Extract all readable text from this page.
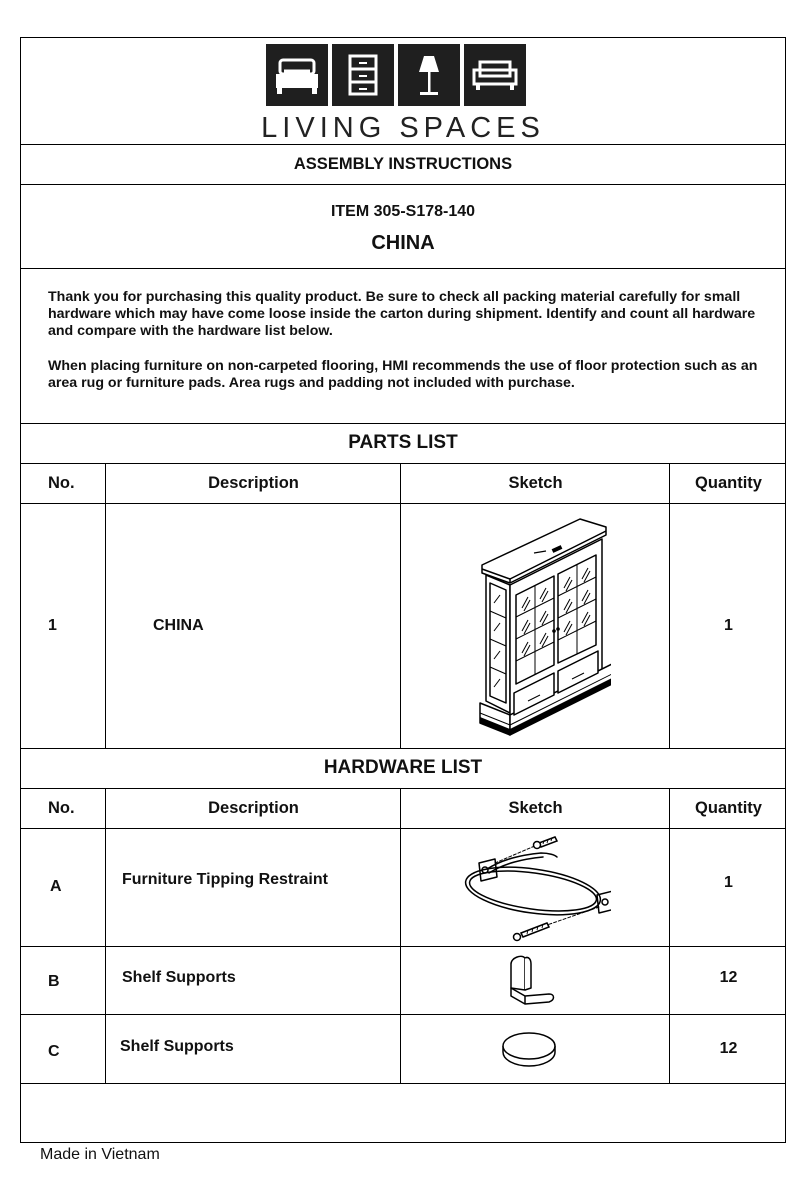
LIVING SPACES
ASSEMBLY INSTRUCTIONS
ITEM 305-S178-140
CHINA
Thank you for purchasing this quality product. Be sure to check all packing material carefully for small hardware which may have come loose inside the carton during shipment. Identify and count all hardware and compare with the hardware list below.
When placing furniture on non-carpeted flooring, HMI recommends the use of floor protection such as an area rug or furniture pads. Area rugs and padding not included with purchase.
PARTS LIST
No.	Description	Sketch	Quantity
1	CHINA	1
HARDWARE LIST
No.	Description	Sketch	Quantity
A	Furniture Tipping Restraint	1
B	Shelf Supports	12
C	Shelf Supports	12
Made in Vietnam
